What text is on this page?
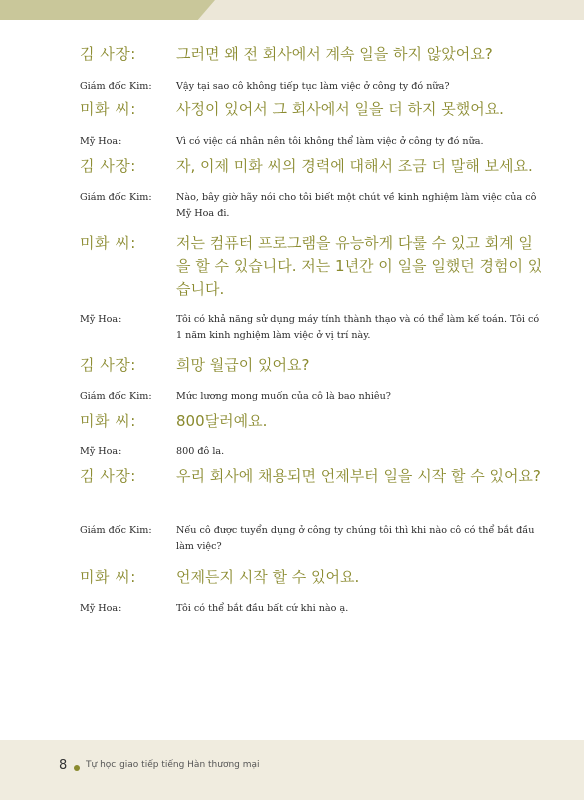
김 사장:	그러면 왜 전 회사에서 계속 일을 하지 않았어요?
Giám đốc Kim:	Vậy tại sao cô không tiếp tục làm việc ở công ty đó nữa?
미화 씨:	사정이 있어서 그 회사에서 일을 더 하지 못했어요.
Mỹ Hoa:	Vì có việc cá nhân nên tôi không thể làm việc ở công ty đó nữa.
김 사장:	자, 이제 미화 씨의 경력에 대해서 조금 더 말해 보세요.
Giám đốc Kim:	Nào, bây giờ hãy nói cho tôi biết một chút về kinh nghiệm làm việc của cô Mỹ Hoa đi.
미화 씨:	저는 컴퓨터 프로그램을 유능하게 다룰 수 있고 회계 일을 할 수 있습니다. 저는 1년간 이 일을 일했던 경험이 있습니다.
Mỹ Hoa:	Tôi có khả năng sử dụng máy tính thành thạo và có thể làm kế toán. Tôi có 1 năm kinh nghiệm làm việc ở vị trí này.
김 사장:	희망 월급이 있어요?
Giám đốc Kim:	Mức lương mong muốn của cô là bao nhiêu?
미화 씨:	800달러예요.
Mỹ Hoa:	800 đô la.
김 사장:	우리 회사에 채용되면 언제부터 일을 시작 할 수 있어요?
Giám đốc Kim:	Nếu cô được tuyển dụng ở công ty chúng tôi thì khi nào cô có thể bắt đầu làm việc?
미화 씨:	언제든지 시작 할 수 있어요.
Mỹ Hoa:	Tôi có thể bắt đầu bất cứ khi nào ạ.
8 Tự học giao tiếp tiếng Hàn thương mại
